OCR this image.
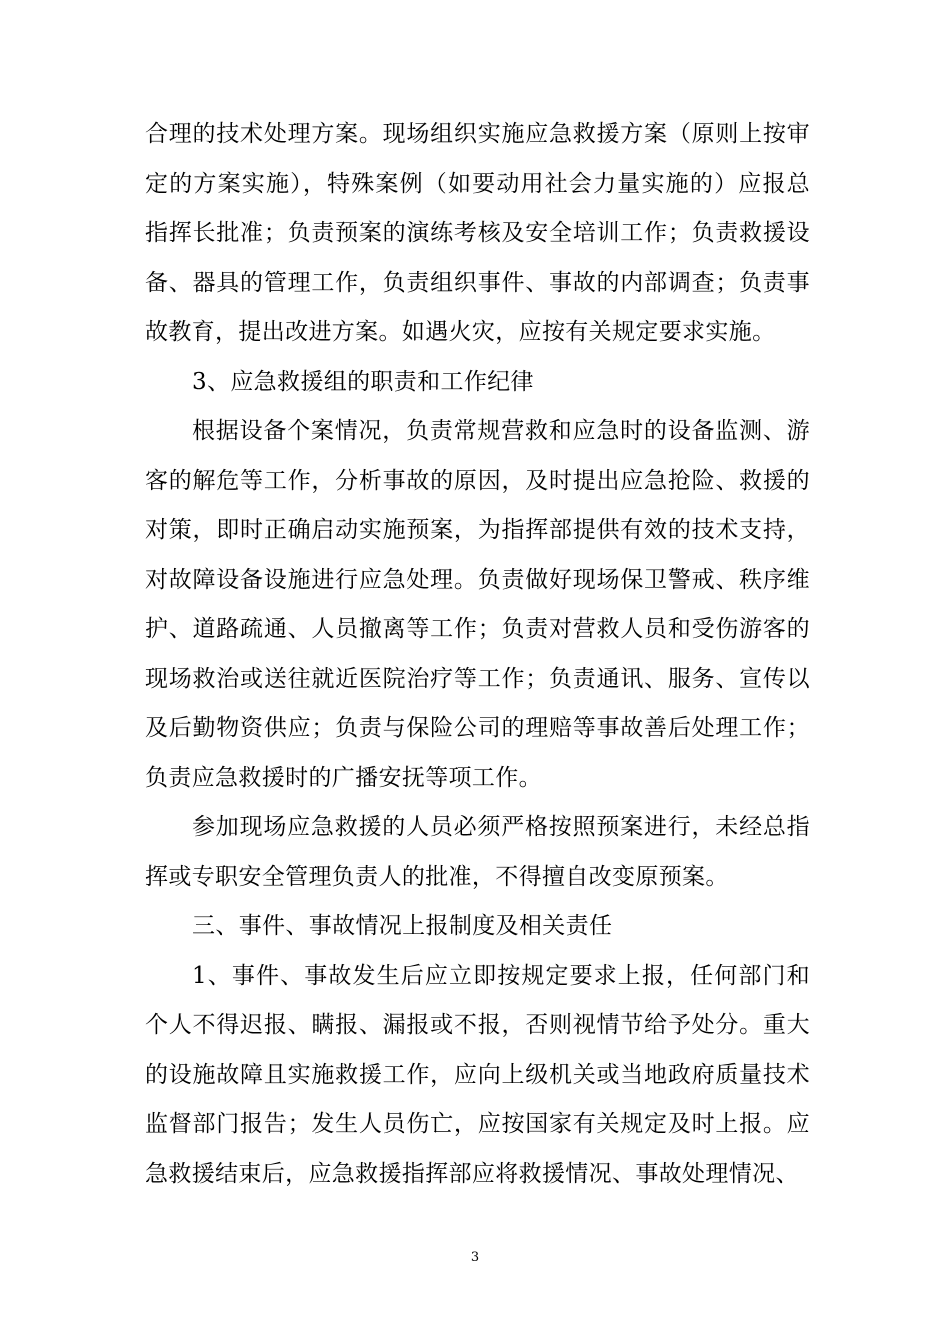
合理的技术处理方案。现场组织实施应急救援方案（原则上按审定的方案实施），特殊案例（如要动用社会力量实施的）应报总指挥长批准；负责预案的演练考核及安全培训工作；负责救援设备、器具的管理工作，负责组织事件、事故的内部调查；负责事故教育，提出改进方案。如遇火灾，应按有关规定要求实施。

3、应急救援组的职责和工作纪律

根据设备个案情况，负责常规营救和应急时的设备监测、游客的解危等工作，分析事故的原因，及时提出应急抢险、救援的对策，即时正确启动实施预案，为指挥部提供有效的技术支持，对故障设备设施进行应急处理。负责做好现场保卫警戒、秩序维护、道路疏通、人员撤离等工作；负责对营救人员和受伤游客的现场救治或送往就近医院治疗等工作；负责通讯、服务、宣传以及后勤物资供应；负责与保险公司的理赔等事故善后处理工作；负责应急救援时的广播安抚等项工作。

参加现场应急救援的人员必须严格按照预案进行，未经总指挥或专职安全管理负责人的批准，不得擅自改变原预案。

三、事件、事故情况上报制度及相关责任

1、事件、事故发生后应立即按规定要求上报，任何部门和个人不得迟报、瞒报、漏报或不报，否则视情节给予处分。重大的设施故障且实施救援工作，应向上级机关或当地政府质量技术监督部门报告；发生人员伤亡，应按国家有关规定及时上报。应急救援结束后，应急救援指挥部应将救援情况、事故处理情况、

3
